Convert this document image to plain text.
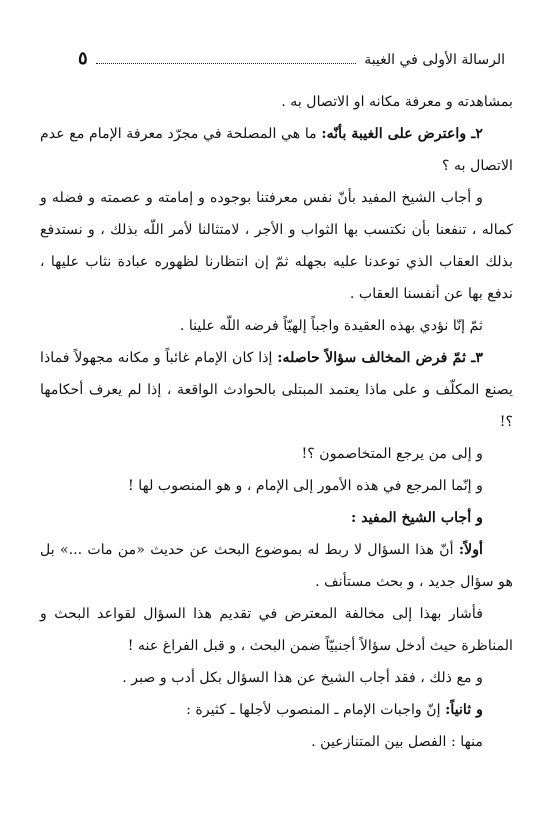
الرسالة الأولى في الغيبة
٥

بمشاهدته و معرفة مكانه او الاتصال به .

٢ـ واعترض على الغيبة بأنّه: ما هي المصلحة في مجرّد معرفة الإمام مع عدم الاتصال به ؟

و أجاب الشيخ المفيد بأنّ نفس معرفتنا بوجوده و إمامته و عصمته و فضله و كماله ، تنفعنا بأن نكتسب بها الثواب و الأجر ، لامتثالنا لأمر اللّه بذلك ، و نستدفع بذلك العقاب الذي توعدنا عليه بجهله ثمّ إن انتظارنا لظهوره عبادة نثاب عليها ، ندفع بها عن أنفسنا العقاب .

ثمّ إنّا نؤدي بهذه العقيدة واجباً إلهيّاً فرضه اللّه علينا .

٣ـ ثمّ فرض المخالف سؤالاً حاصله: إذا كان الإمام غائباً و مكانه مجهولاً فماذا يصنع المكلّف و على ماذا يعتمد المبتلى بالحوادث الواقعة ، إذا لم يعرف أحكامها ؟!

و إلى من يرجع المتخاصمون ؟!

و إنّما المرجع في هذه الأمور إلى الإمام ، و هو المنصوب لها !

و أجاب الشيخ المفيد :

أولاً: أنّ هذا السؤال لا ربط له بموضوع البحث عن حديث «من مات ...» بل هو سؤال جديد ، و بحث مستأنف .

فأشار بهذا إلى مخالفة المعترض في تقديم هذا السؤال لقواعد البحث و المناظرة حيث أدخل سؤالاً أجنبيّاً ضمن البحث ، و قبل الفراغ عنه !

و مع ذلك ، فقد أجاب الشيخ عن هذا السؤال بكل أدب و صبر .

و ثانياً: إنّ واجبات الإمام ـ المنصوب لأجلها ـ كثيرة :

منها : الفصل بين المتنازعين .
